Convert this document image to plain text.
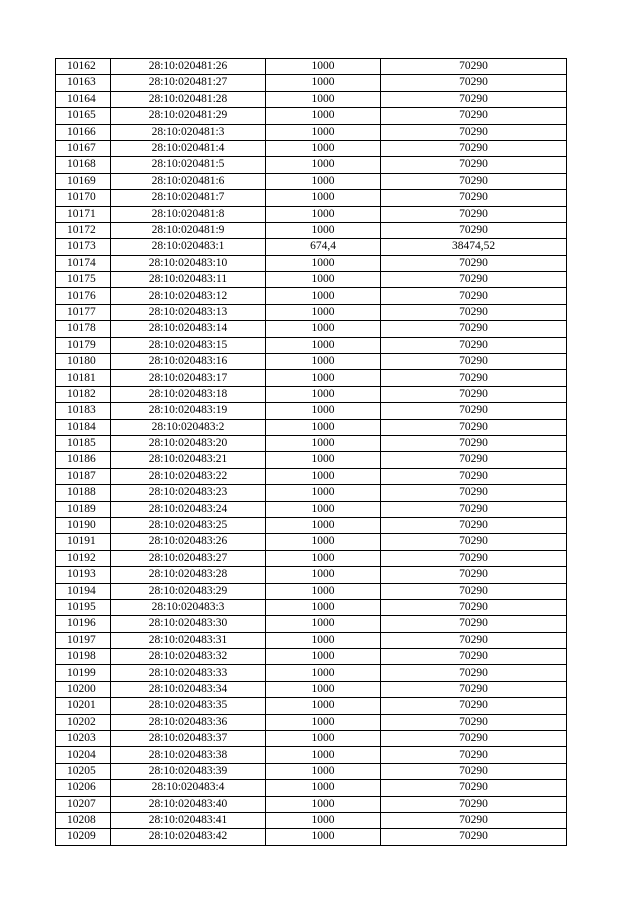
10162	28:10:020481:26	1000	70290
10163	28:10:020481:27	1000	70290
10164	28:10:020481:28	1000	70290
10165	28:10:020481:29	1000	70290
10166	28:10:020481:3	1000	70290
10167	28:10:020481:4	1000	70290
10168	28:10:020481:5	1000	70290
10169	28:10:020481:6	1000	70290
10170	28:10:020481:7	1000	70290
10171	28:10:020481:8	1000	70290
10172	28:10:020481:9	1000	70290
10173	28:10:020483:1	674,4	38474,52
10174	28:10:020483:10	1000	70290
10175	28:10:020483:11	1000	70290
10176	28:10:020483:12	1000	70290
10177	28:10:020483:13	1000	70290
10178	28:10:020483:14	1000	70290
10179	28:10:020483:15	1000	70290
10180	28:10:020483:16	1000	70290
10181	28:10:020483:17	1000	70290
10182	28:10:020483:18	1000	70290
10183	28:10:020483:19	1000	70290
10184	28:10:020483:2	1000	70290
10185	28:10:020483:20	1000	70290
10186	28:10:020483:21	1000	70290
10187	28:10:020483:22	1000	70290
10188	28:10:020483:23	1000	70290
10189	28:10:020483:24	1000	70290
10190	28:10:020483:25	1000	70290
10191	28:10:020483:26	1000	70290
10192	28:10:020483:27	1000	70290
10193	28:10:020483:28	1000	70290
10194	28:10:020483:29	1000	70290
10195	28:10:020483:3	1000	70290
10196	28:10:020483:30	1000	70290
10197	28:10:020483:31	1000	70290
10198	28:10:020483:32	1000	70290
10199	28:10:020483:33	1000	70290
10200	28:10:020483:34	1000	70290
10201	28:10:020483:35	1000	70290
10202	28:10:020483:36	1000	70290
10203	28:10:020483:37	1000	70290
10204	28:10:020483:38	1000	70290
10205	28:10:020483:39	1000	70290
10206	28:10:020483:4	1000	70290
10207	28:10:020483:40	1000	70290
10208	28:10:020483:41	1000	70290
10209	28:10:020483:42	1000	70290
